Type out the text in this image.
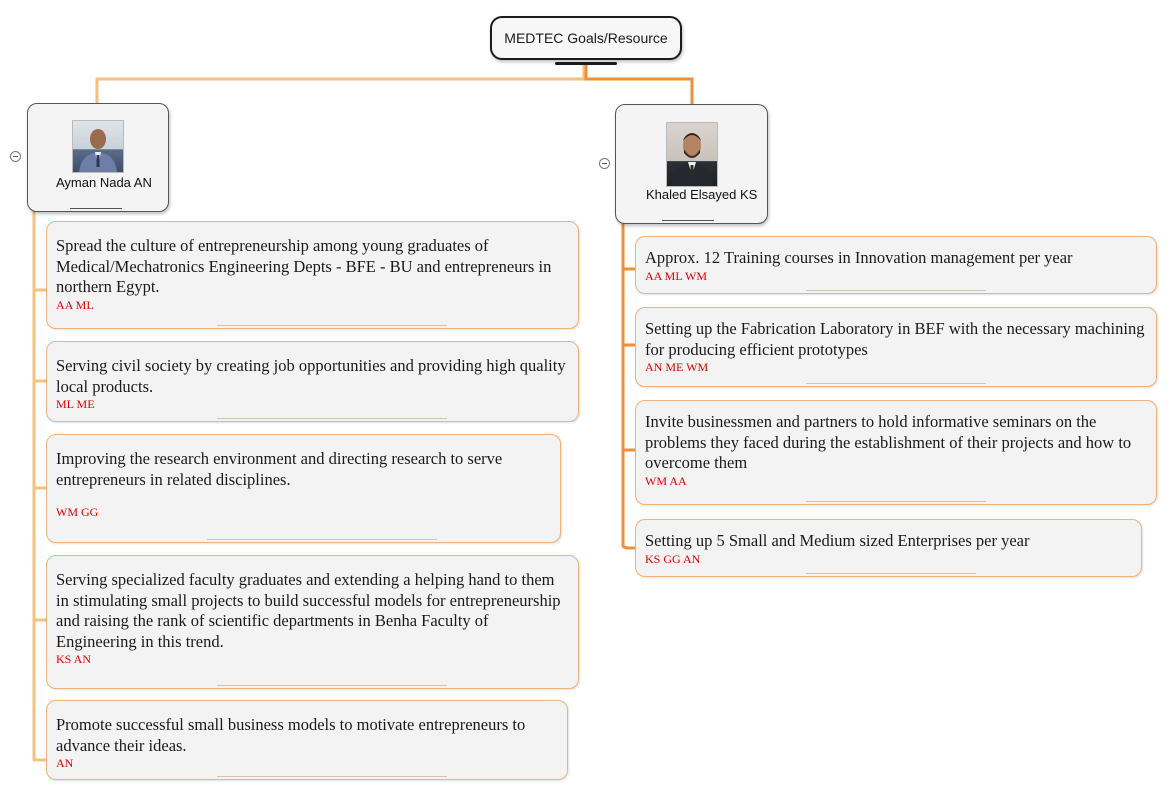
MEDTEC Goals/Resource
Ayman Nada AN
Khaled Elsayed KS
Spread the culture of entrepreneurship among young graduates of Medical/Mechatronics Engineering Depts - BFE - BU and entrepreneurs in northern Egypt.
AA ML
Serving civil society by creating job opportunities and providing high quality local products.
ML ME
Improving the research environment and directing research to serve entrepreneurs in related disciplines.
WM GG
Serving specialized faculty graduates and extending a helping hand to them in stimulating small projects to build successful models for entrepreneurship and raising the rank of scientific departments in Benha Faculty of Engineering in this trend.
KS AN
Promote successful small business models to motivate entrepreneurs to advance their ideas.
AN
Approx. 12 Training courses in Innovation management per year
AA ML WM
Setting up the Fabrication Laboratory in BEF with the necessary machining for producing efficient prototypes
AN ME WM
Invite businessmen and partners to hold informative seminars on the problems they faced during the establishment of their projects and how to overcome them
WM AA
Setting up 5 Small and Medium sized Enterprises per year
KS GG AN
